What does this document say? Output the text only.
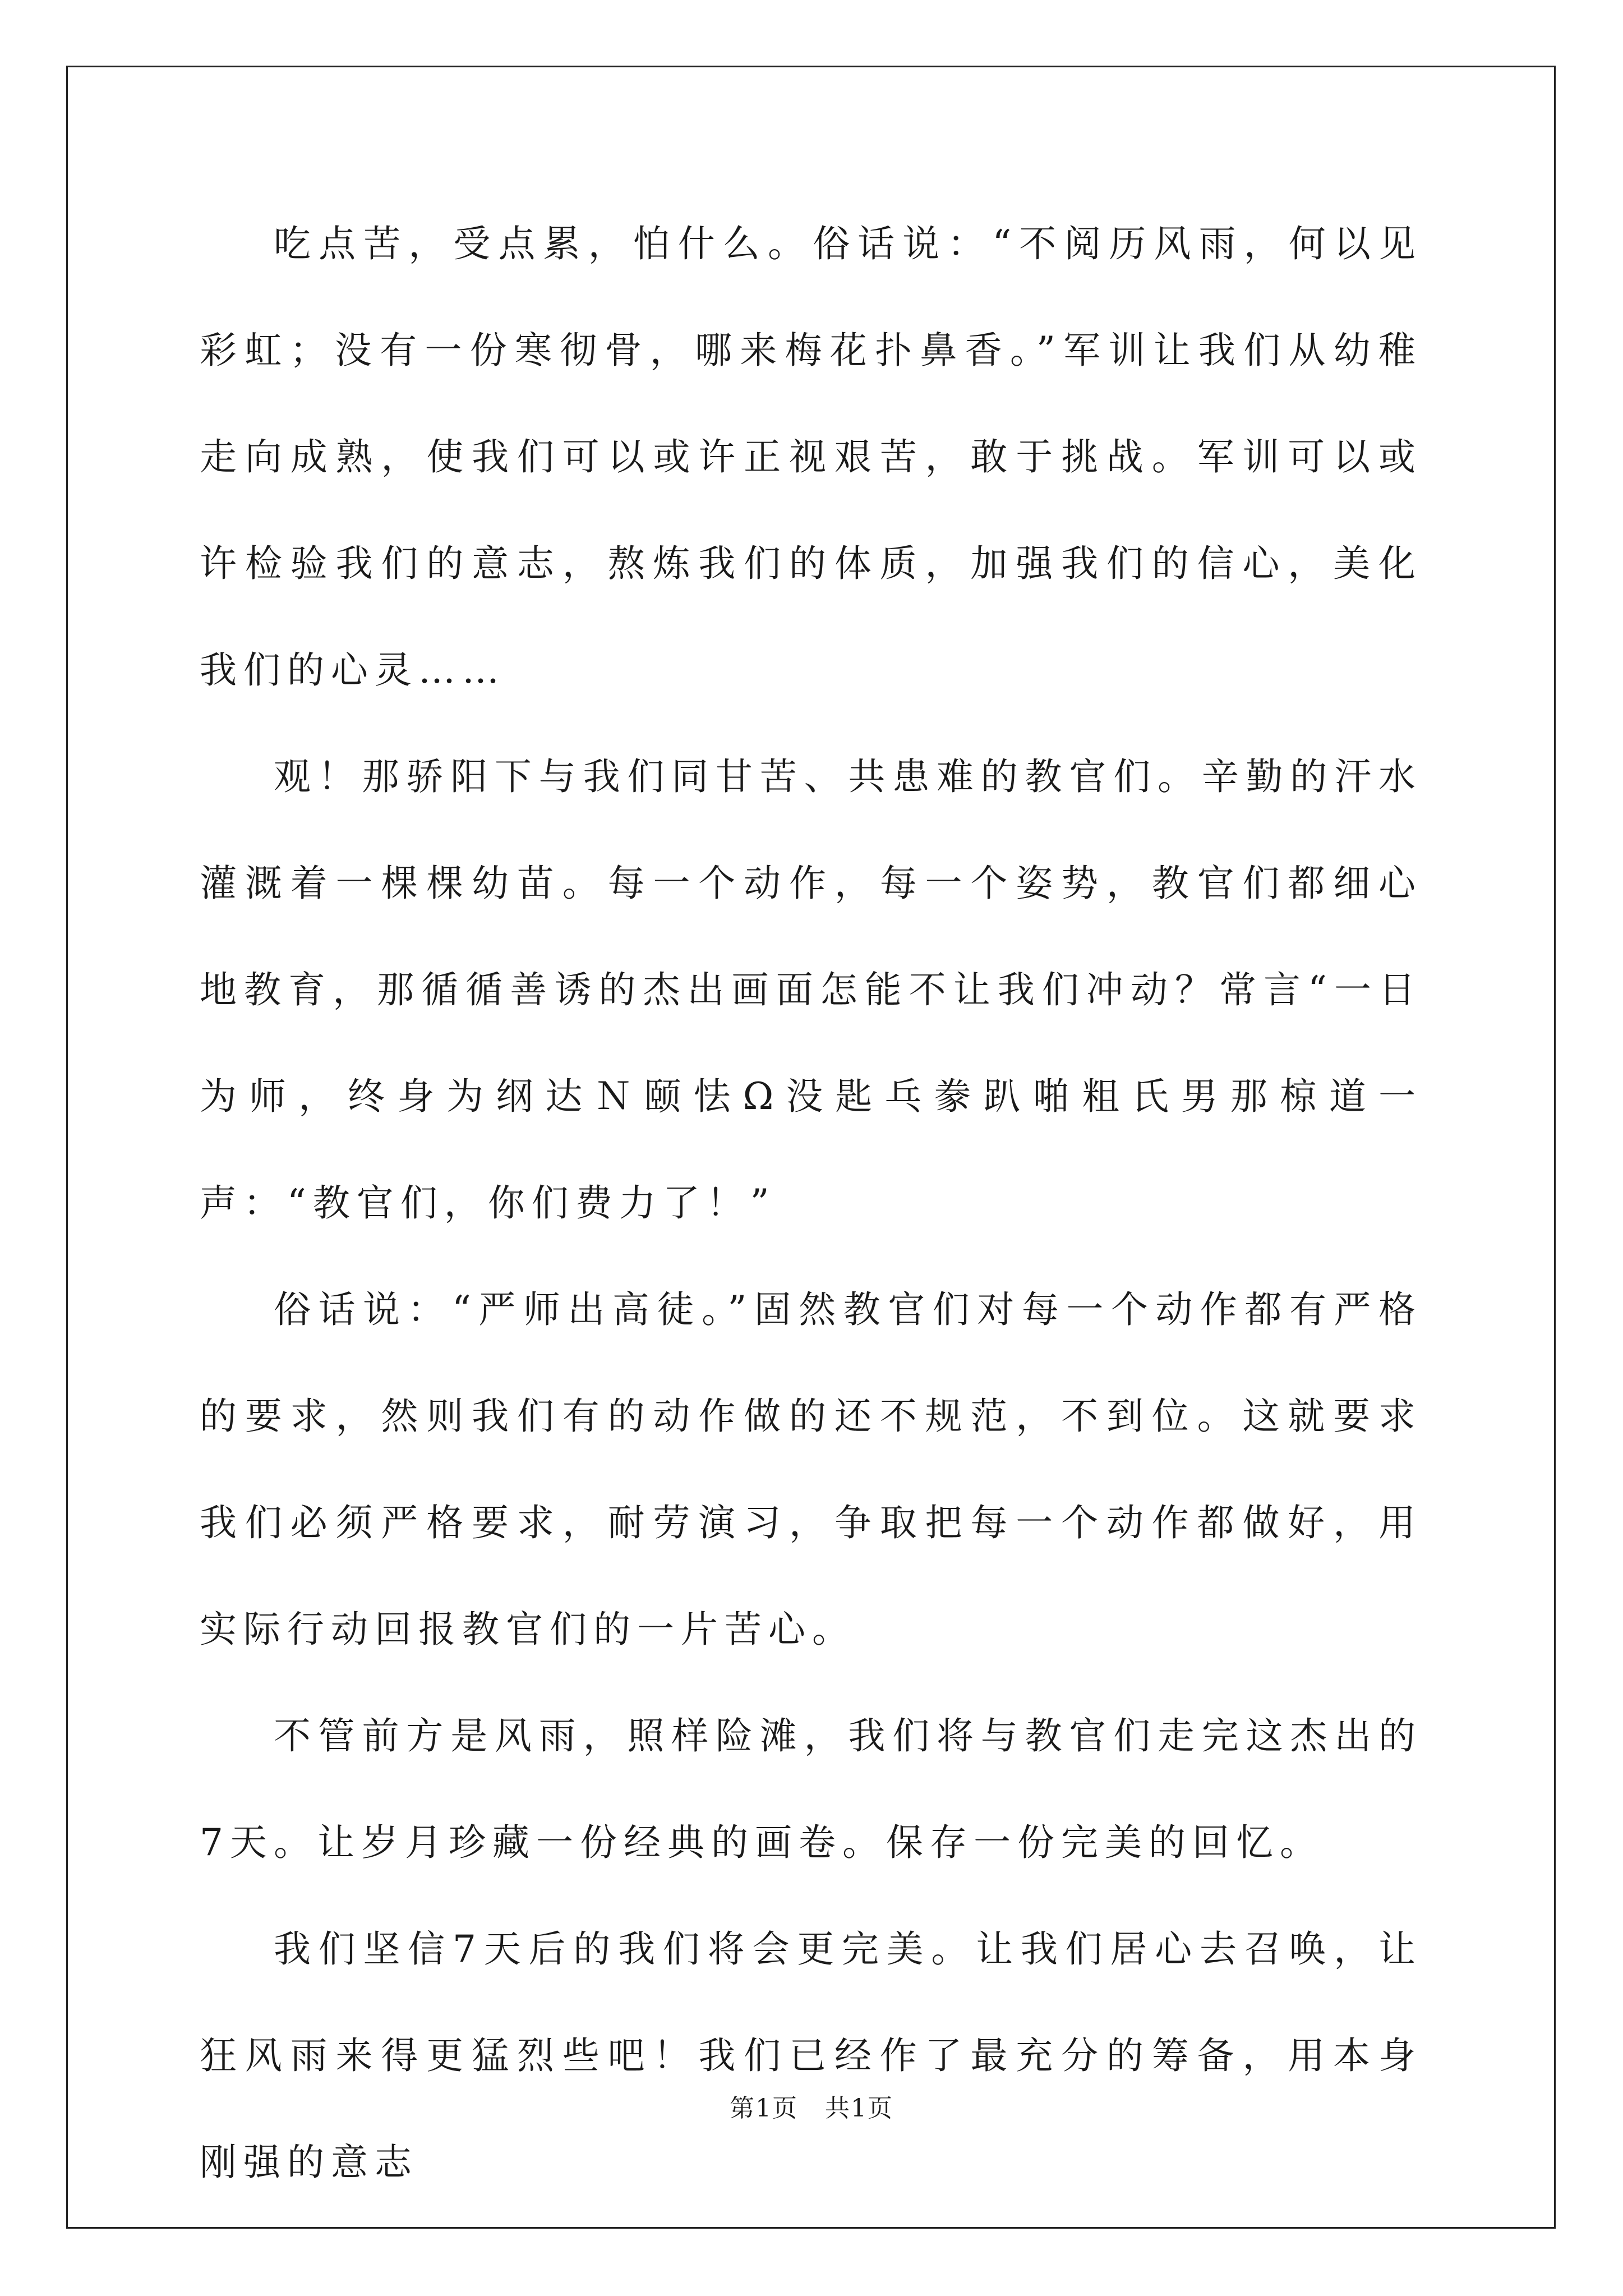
吃点苦，受点累，怕什么。俗话说：“不阅历风雨，何以见彩虹；没有一份寒彻骨，哪来梅花扑鼻香。”军训让我们从幼稚走向成熟，使我们可以或许正视艰苦，敢于挑战。军训可以或许检验我们的意志，熬炼我们的体质，加强我们的信心，美化我们的心灵……

观！那骄阳下与我们同甘苦、共患难的教官们。辛勤的汗水灌溉着一棵棵幼苗。每一个动作，每一个姿势，教官们都细心地教育，那循循善诱的杰出画面怎能不让我们冲动？常言“一日为师，终身为纲达Ｎ颐怯Ω没匙乓豢趴啪粗氏男那椋道一声：“教官们，你们费力了！”

俗话说：“严师出高徒。”固然教官们对每一个动作都有严格的要求，然则我们有的动作做的还不规范，不到位。这就要求我们必须严格要求，耐劳演习，争取把每一个动作都做好，用实际行动回报教官们的一片苦心。

不管前方是风雨，照样险滩，我们将与教官们走完这杰出的7天。让岁月珍藏一份经典的画卷。保存一份完美的回忆。

我们坚信7天后的我们将会更完美。让我们居心去召唤，让狂风雨来得更猛烈些吧！我们已经作了最充分的筹备，用本身刚强的意志

第1页 共1页
